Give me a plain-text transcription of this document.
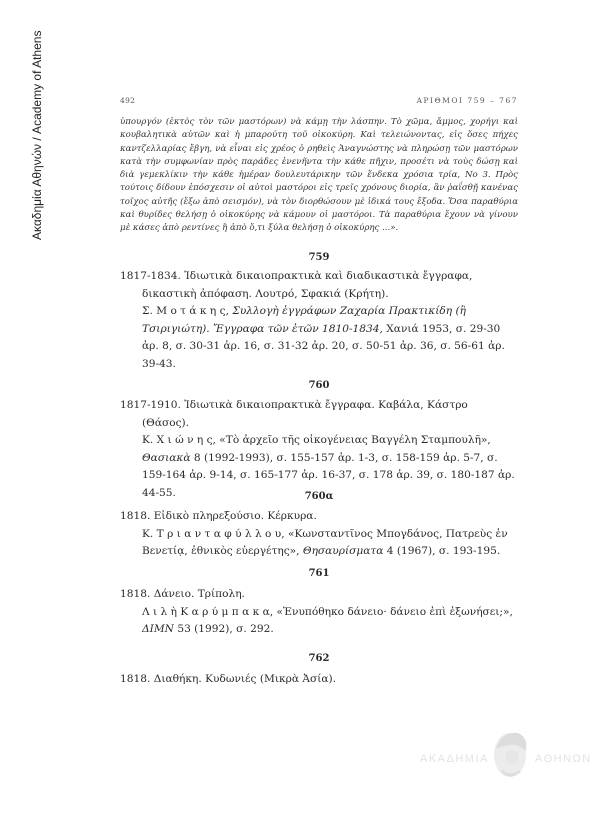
Ακαδημία Αθηνών / Academy of Athens	492	ΑΡΙΘΜΟΙ 759 – 767
ὑπουργόν (ἐκτὸς τὸν τῶν μαστόρων) νὰ κάμῃ τὴν λάσπην. Τὸ χῶμα, ἄμμος, χορήγι καὶ κουβαλητικὰ αὐτῶν καὶ ἡ μπαρούτη τοῦ οἰκοκύρη. Καὶ τελειώνοντας, εἰς ὅσες πήχες καντζελλαρίας ἔβγη, νὰ εἶναι εἰς χρέος ὁ ρηθεὶς Ἀναγνώστης νὰ πληρώσῃ τῶν μαστόρων κατὰ τὴν συμφωνίαν πρὸς παράδες ἐνενῆντα τὴν κάθε πῆχιν, προσέτι νὰ τοὺς δώσῃ καὶ διὰ γεμεκλίκιν τὴν κάθε ἡμέραν δουλευτάρικην τῶν ἕνδεκα χρόσια τρία, Νο 3. Πρὸς τούτοις δίδουν ἐπόσχεσιν οἱ αὐτοὶ μαστόροι εἰς τρεῖς χρόνους διορία, ἂν ῥαΐσθῇ κανένας τοῖχος αὐτῆς (ἔξω ἀπὸ σεισμόν), νὰ τὸν διορθώσουν μὲ ἰδικά τους ἔξοδα. Ὅσα παραθύρια καὶ θυρίδες θελήσῃ ὁ οἰκοκύρης νὰ κάμουν οἱ μαστόροι. Τὰ παραθύρια ἔχουν νὰ γίνουν μὲ κάσες ἀπὸ ρεντίνες ἢ ἀπὸ ὅ,τι ξύλα θελήσῃ ὁ οἰκοκύρης ...».
759

1817-1834. Ἰδιωτικὰ δικαιοπρακτικὰ καὶ διαδικαστικὰ ἔγγραφα, δικαστικὴ ἀπόφαση. Λουτρό, Σφακιά (Κρήτη).

Σ. Μ ο τ ά κ η ς, Συλλογὴ ἐγγράφων Ζαχαρία Πρακτικίδη (ἢ Τσιριγιώτη). Ἔγγραφα τῶν ἐτῶν 1810-1834, Χανιά 1953, σ. 29-30 ἀρ. 8, σ. 30-31 ἀρ. 16, σ. 31-32 ἀρ. 20, σ. 50-51 ἀρ. 36, σ. 56-61 ἀρ. 39-43.

760

1817-1910. Ἰδιωτικὰ δικαιοπρακτικὰ ἔγγραφα. Καβάλα, Κάστρο (Θάσος).

Κ. Χ ι ώ ν η ς, «Τὸ ἀρχεῖο τῆς οἰκογένειας Βαγγέλη Σταμπουλῆ», Θασιακὰ 8 (1992-1993), σ. 155-157 ἀρ. 1-3, σ. 158-159 ἀρ. 5-7, σ. 159-164 ἀρ. 9-14, σ. 165-177 ἀρ. 16-37, σ. 178 ἀρ. 39, σ. 180-187 ἀρ. 44-55.	760α

1818. Εἰδικὸ πληρεξούσιο. Κέρκυρα.

Κ. Τ ρ ι α ν τ α φ ύ λ λ ο υ, «Κωνσταντῖνος Μπογδάνος, Πατρεὺς ἐν Βενετίᾳ, ἐθνικὸς εὐεργέτης», Θησαυρίσματα 4 (1967), σ. 193-195.

761

1818. Δάνειο. Τρίπολη.

Λ ι λ ὴ Κ α ρ ύ μ π α κ α, «Ἐνυπόθηκο δάνειο· δάνειο ἐπὶ ἐξωνήσει;», ΔΙΜΝ 53 (1992), σ. 292.

762

1818. Διαθήκη. Κυδωνιές (Μικρὰ Ἀσία).

ΑΚΑΔΗΜΙΑ	ΑΘΗΝΩΝ
